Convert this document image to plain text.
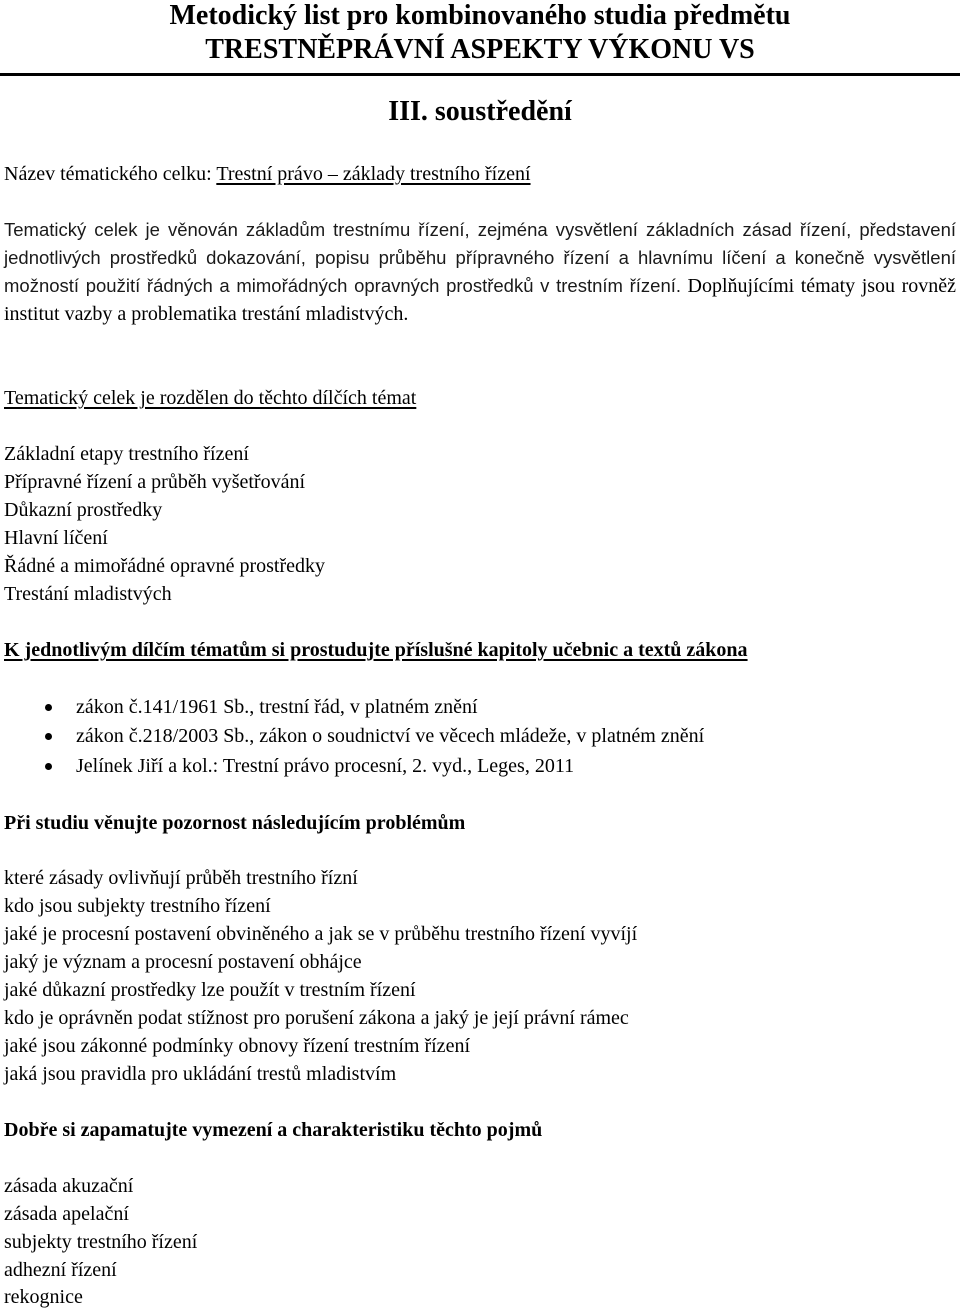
Metodický list pro kombinovaného studia předmětu
TRESTNĚPRÁVNÍ ASPEKTY VÝKONU VS
III. soustředění
Název tématického celku: Trestní právo – základy trestního řízení
Tematický celek je věnován základům trestnímu řízení, zejména vysvětlení základních zásad řízení, představení jednotlivých prostředků dokazování, popisu průběhu přípravného řízení a hlavnímu líčení a konečně vysvětlení možností použití řádných a mimořádných opravných prostředků v trestním řízení. Doplňujícími tématy jsou rovněž institut vazby a problematika trestání mladistvých.
Tematický celek je rozdělen do těchto dílčích témat
Základní etapy trestního řízení
Přípravné řízení a průběh vyšetřování
Důkazní prostředky
Hlavní líčení
Řádné a mimořádné opravné prostředky
Trestání mladistvých
K jednotlivým dílčím tématům si prostudujte příslušné kapitoly učebnic a textů zákona
zákon č.141/1961 Sb., trestní řád, v platném znění
zákon č.218/2003 Sb., zákon o soudnictví ve věcech mládeže, v platném znění
Jelínek Jiří a kol.: Trestní právo procesní, 2. vyd., Leges, 2011
Při studiu věnujte pozornost následujícím problémům
které zásady ovlivňují průběh trestního řízní
kdo jsou subjekty trestního řízení
jaké je procesní postavení obviněného a jak se v průběhu trestního řízení vyvíjí
jaký je význam a procesní postavení obhájce
jaké důkazní prostředky lze použít v trestním řízení
kdo je oprávněn podat stížnost pro porušení zákona a jaký je její právní rámec
jaké jsou zákonné podmínky obnovy řízení trestním řízení
jaká jsou pravidla pro ukládání trestů mladistvím
Dobře si zapamatujte vymezení a charakteristiku těchto pojmů
zásada akuzační
zásada apelační
subjekty trestního řízení
adhezní řízení
rekognice
